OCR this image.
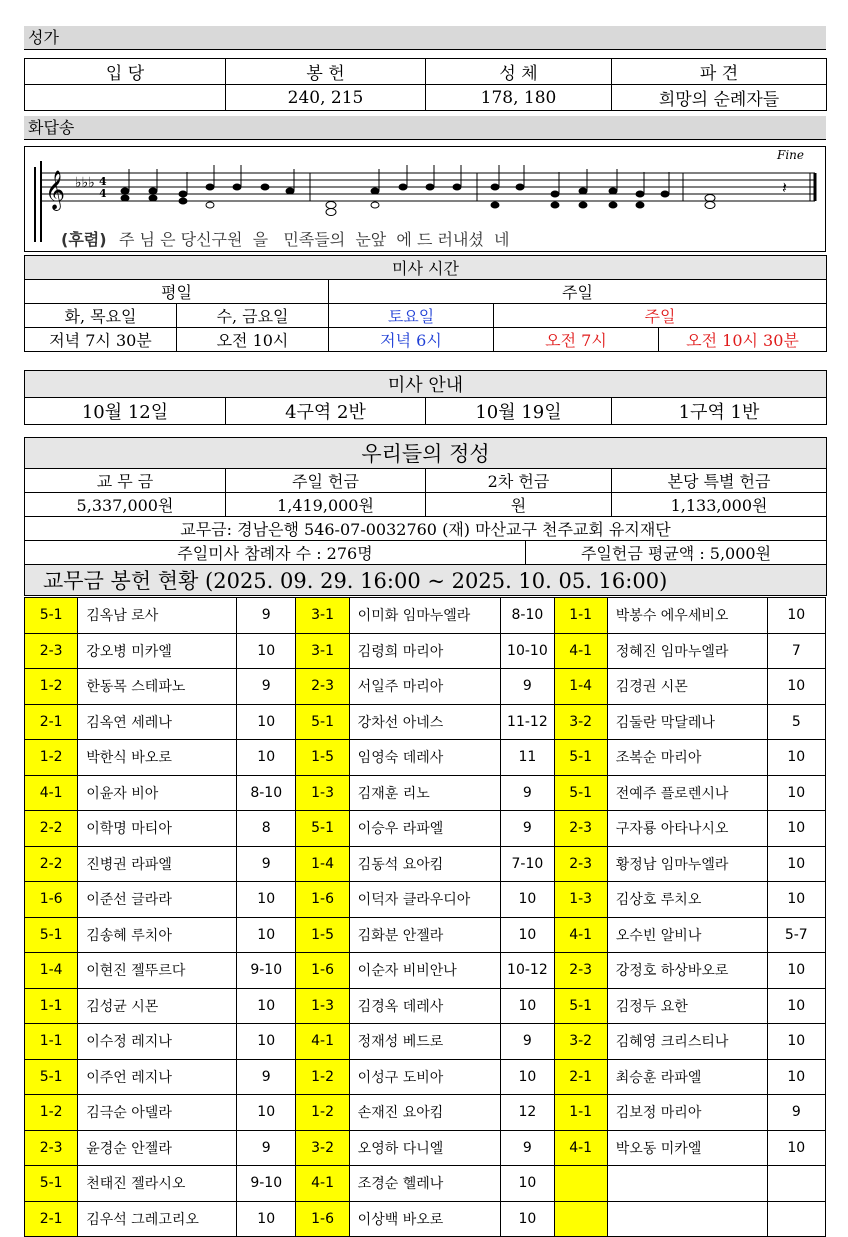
성가
입 당	봉 헌	성 체	파 견
	240, 215	178, 180	희망의 순례자들
화답송
𝄞 ♭♭♭ 4
4
Fine
𝄽
(후렴) 주 님 은 당신구원  을   민족들의  눈앞  에 드 러내셨  네
미사 시간				
평일		주일		
화, 목요일	수, 금요일	토요일	주일	
저녁 7시 30분	오전 10시	저녁 6시	오전 7시	오전 10시 30분
미사 안내
10월 12일	4구역 2반	10월 19일	1구역 1반
우리들의 정성				
교 무 금	주일 헌금	2차 헌금		본당 특별 헌금
5,337,000원	1,419,000원	원		1,133,000원
교무금: 경남은행 546-07-0032760 (재) 마산교구 천주교회 유지재단				
주일미사 참례자 수 : 276명			주일헌금 평균액 : 5,000원	
교무금 봉헌 현황 (2025. 09. 29. 16:00 ~ 2025. 10. 05. 16:00)				
5-1	김옥남 로사	9	3-1	이미화 임마누엘라	8-10	1-1	박봉수 에우세비오	10
2-3	강오병 미카엘	10	3-1	김령희 마리아	10-10	4-1	정혜진 임마누엘라	7
1-2	한동목 스테파노	9	2-3	서일주 마리아	9	1-4	김경권 시몬	10
2-1	김옥연 세레나	10	5-1	강차선 아네스	11-12	3-2	김둘란 막달레나	5
1-2	박한식 바오로	10	1-5	임영숙 데레사	11	5-1	조복순 마리아	10
4-1	이윤자 비아	8-10	1-3	김재훈 리노	9	5-1	전예주 플로렌시나	10
2-2	이학명 마티아	8	5-1	이승우 라파엘	9	2-3	구자룡 아타나시오	10
2-2	진병권 라파엘	9	1-4	김동석 요아킴	7-10	2-3	황정남 임마누엘라	10
1-6	이준선 글라라	10	1-6	이덕자 클라우디아	10	1-3	김상호 루치오	10
5-1	김송혜 루치아	10	1-5	김화분 안젤라	10	4-1	오수빈 알비나	5-7
1-4	이현진 젤뚜르다	9-10	1-6	이순자 비비안나	10-12	2-3	강정호 하상바오로	10
1-1	김성균 시몬	10	1-3	김경옥 데레사	10	5-1	김정두 요한	10
1-1	이수정 레지나	10	4-1	정재성 베드로	9	3-2	김혜영 크리스티나	10
5-1	이주언 레지나	9	1-2	이성구 도비아	10	2-1	최승훈 라파엘	10
1-2	김극순 아델라	10	1-2	손재진 요아킴	12	1-1	김보정 마리아	9
2-3	윤경순 안젤라	9	3-2	오영하 다니엘	9	4-1	박오동 미카엘	10
5-1	천태진 젤라시오	9-10	4-1	조경순 헬레나	10			
2-1	김우석 그레고리오	10	1-6	이상백 바오로	10			
